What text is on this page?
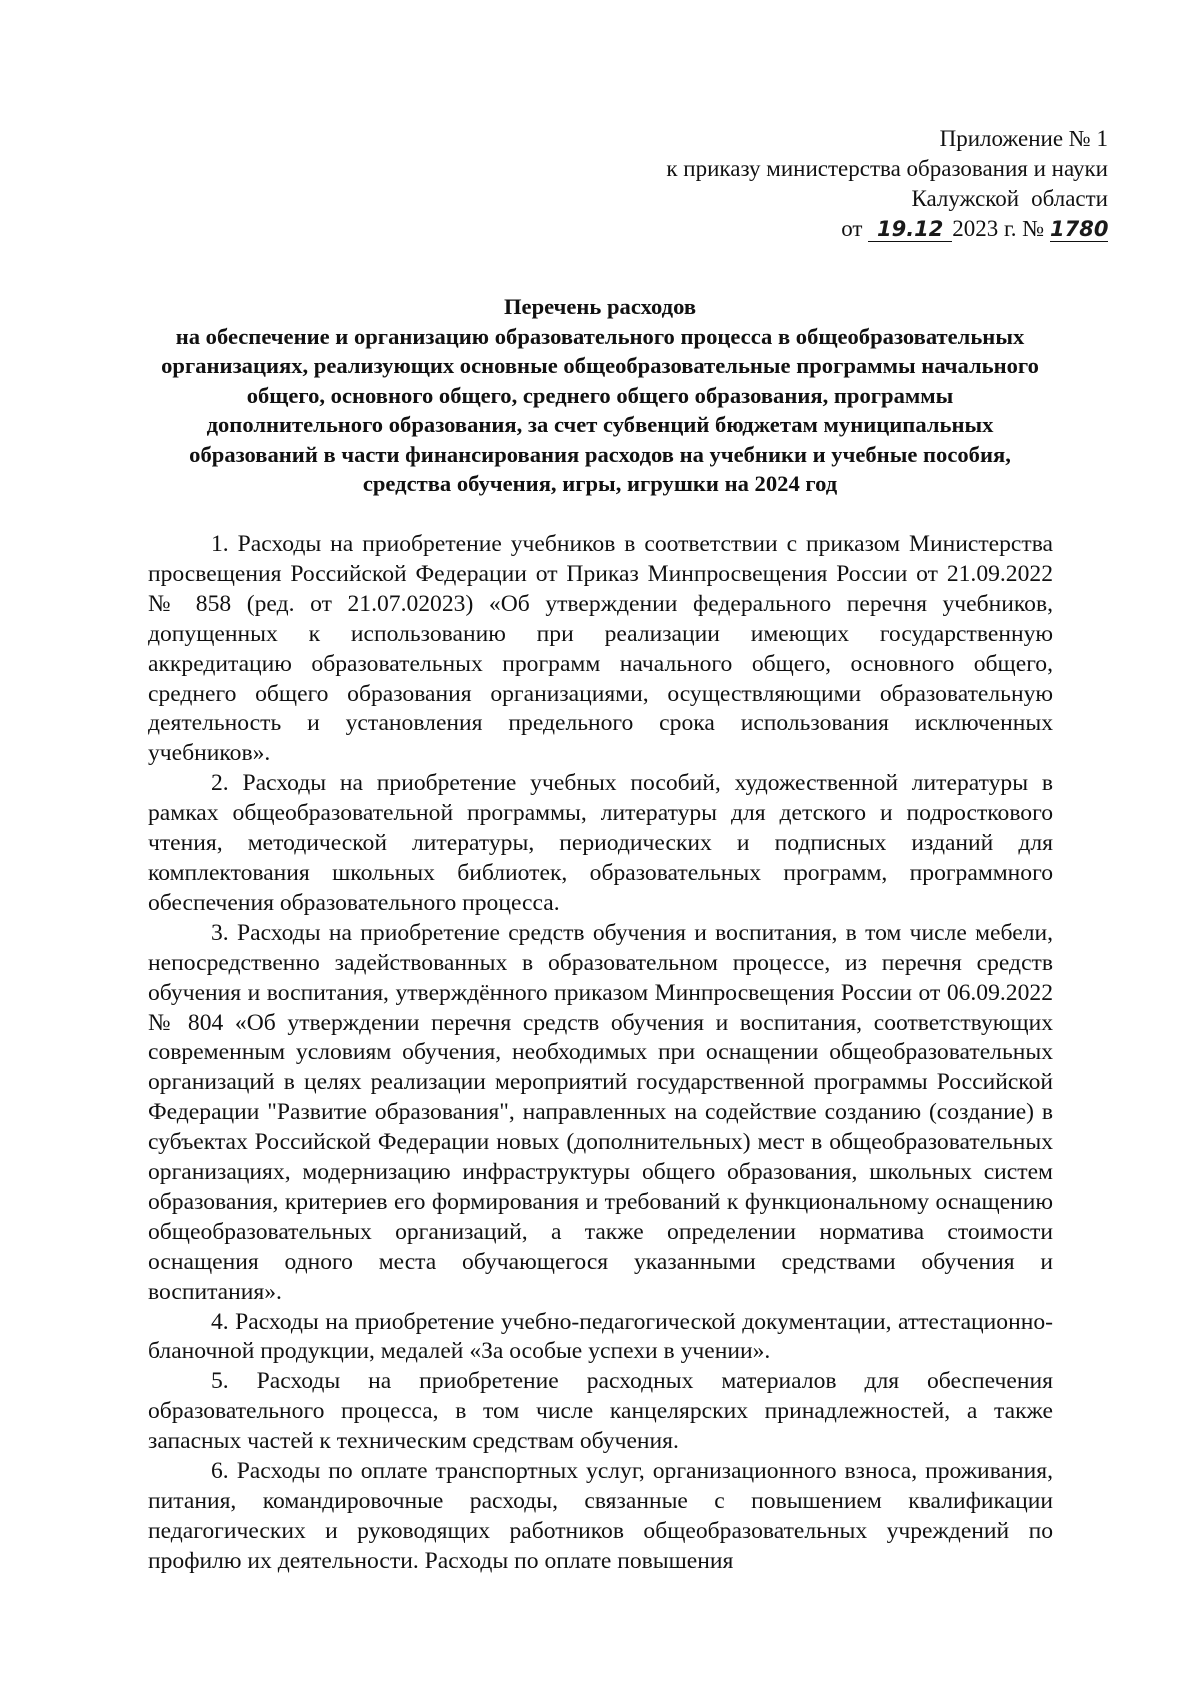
Приложение № 1
к приказу министерства образования и науки
Калужской области
от 19.12 2023 г. № 1780
Перечень расходов
на обеспечение и организацию образовательного процесса в общеобразовательных
организациях, реализующих основные общеобразовательные программы начального
общего, основного общего, среднего общего образования, программы
дополнительного образования, за счет субвенций бюджетам муниципальных
образований в части финансирования расходов на учебники и учебные пособия,
средства обучения, игры, игрушки на 2024 год

1. Расходы на приобретение учебников в соответствии с приказом Министерства просвещения Российской Федерации от Приказ Минпросвещения России от 21.09.2022 № 858 (ред. от 21.07.02023) «Об утверждении федерального перечня учебников, допущенных к использованию при реализации имеющих государственную аккредитацию образовательных программ начального общего, основного общего, среднего общего образования организациями, осуществляющими образовательную деятельность и установления предельного срока использования исключенных учебников».

2. Расходы на приобретение учебных пособий, художественной литературы в рамках общеобразовательной программы, литературы для детского и подросткового чтения, методической литературы, периодических и подписных изданий для комплектования школьных библиотек, образовательных программ, программного обеспечения образовательного процесса.

3. Расходы на приобретение средств обучения и воспитания, в том числе мебели, непосредственно задействованных в образовательном процессе, из перечня средств обучения и воспитания, утверждённого приказом Минпросвещения России от 06.09.2022 № 804 «Об утверждении перечня средств обучения и воспитания, соответствующих современным условиям обучения, необходимых при оснащении общеобразовательных организаций в целях реализации мероприятий государственной программы Российской Федерации "Развитие образования", направленных на содействие созданию (создание) в субъектах Российской Федерации новых (дополнительных) мест в общеобразовательных организациях, модернизацию инфраструктуры общего образования, школьных систем образования, критериев его формирования и требований к функциональному оснащению общеобразовательных организаций, а также определении норматива стоимости оснащения одного места обучающегося указанными средствами обучения и воспитания».

4. Расходы на приобретение учебно-педагогической документации, аттестационно-бланочной продукции, медалей «За особые успехи в учении».

5. Расходы на приобретение расходных материалов для обеспечения образовательного процесса, в том числе канцелярских принадлежностей, а также запасных частей к техническим средствам обучения.

6. Расходы по оплате транспортных услуг, организационного взноса, проживания, питания, командировочные расходы, связанные с повышением квалификации педагогических и руководящих работников общеобразовательных учреждений по профилю их деятельности. Расходы по оплате повышения
